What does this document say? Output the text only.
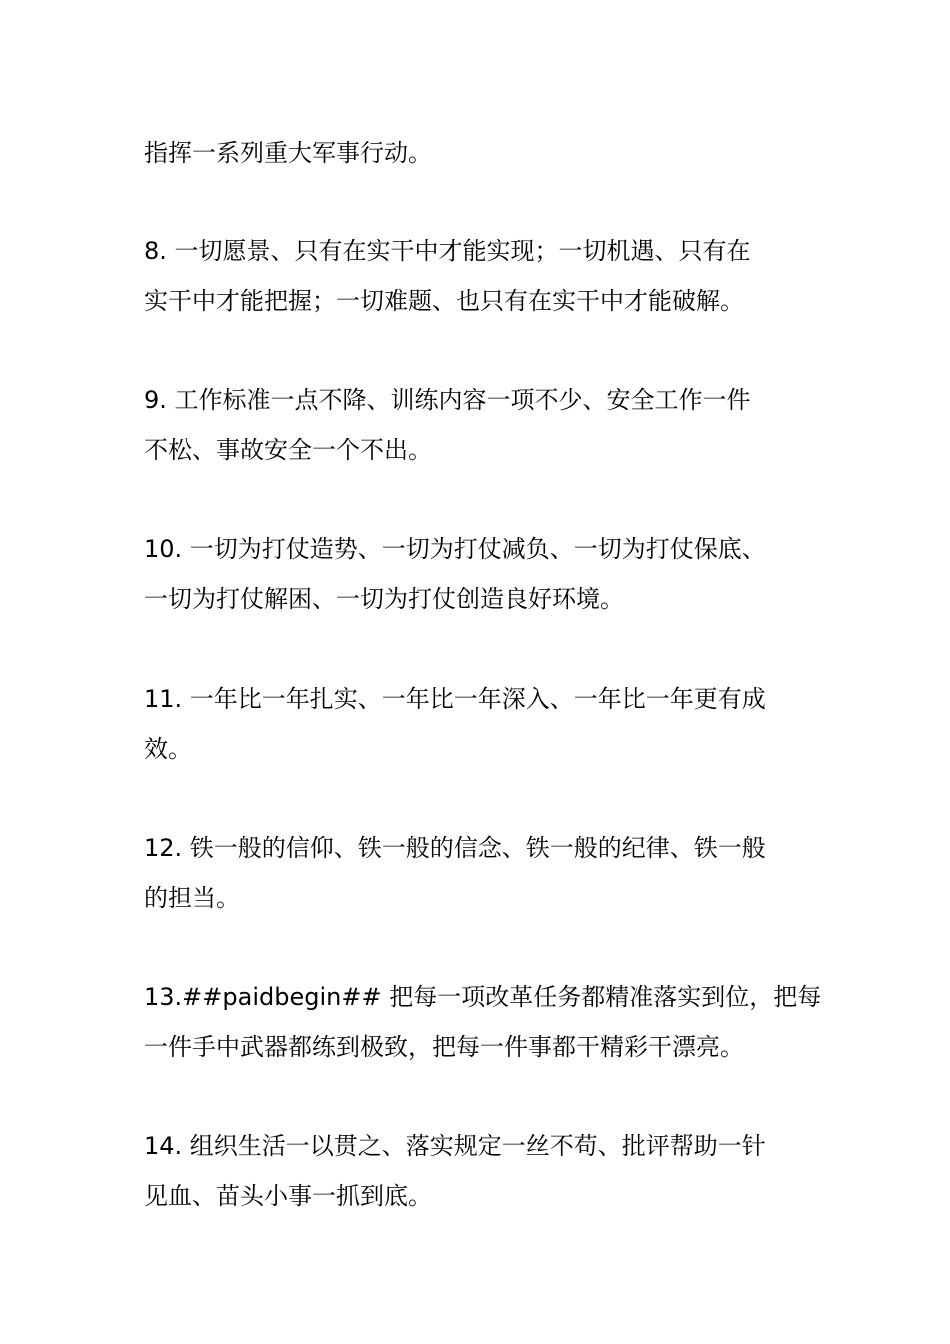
指挥一系列重大军事行动。
8. 一切愿景、只有在实干中才能实现；一切机遇、只有在
实干中才能把握；一切难题、也只有在实干中才能破解。
9. 工作标准一点不降、训练内容一项不少、安全工作一件
不松、事故安全一个不出。
10. 一切为打仗造势、一切为打仗减负、一切为打仗保底、
一切为打仗解困、一切为打仗创造良好环境。
11. 一年比一年扎实、一年比一年深入、一年比一年更有成
效。
12. 铁一般的信仰、铁一般的信念、铁一般的纪律、铁一般
的担当。
13.##paidbegin## 把每一项改革任务都精准落实到位，把每
一件手中武器都练到极致，把每一件事都干精彩干漂亮。
14. 组织生活一以贯之、落实规定一丝不苟、批评帮助一针
见血、苗头小事一抓到底。
